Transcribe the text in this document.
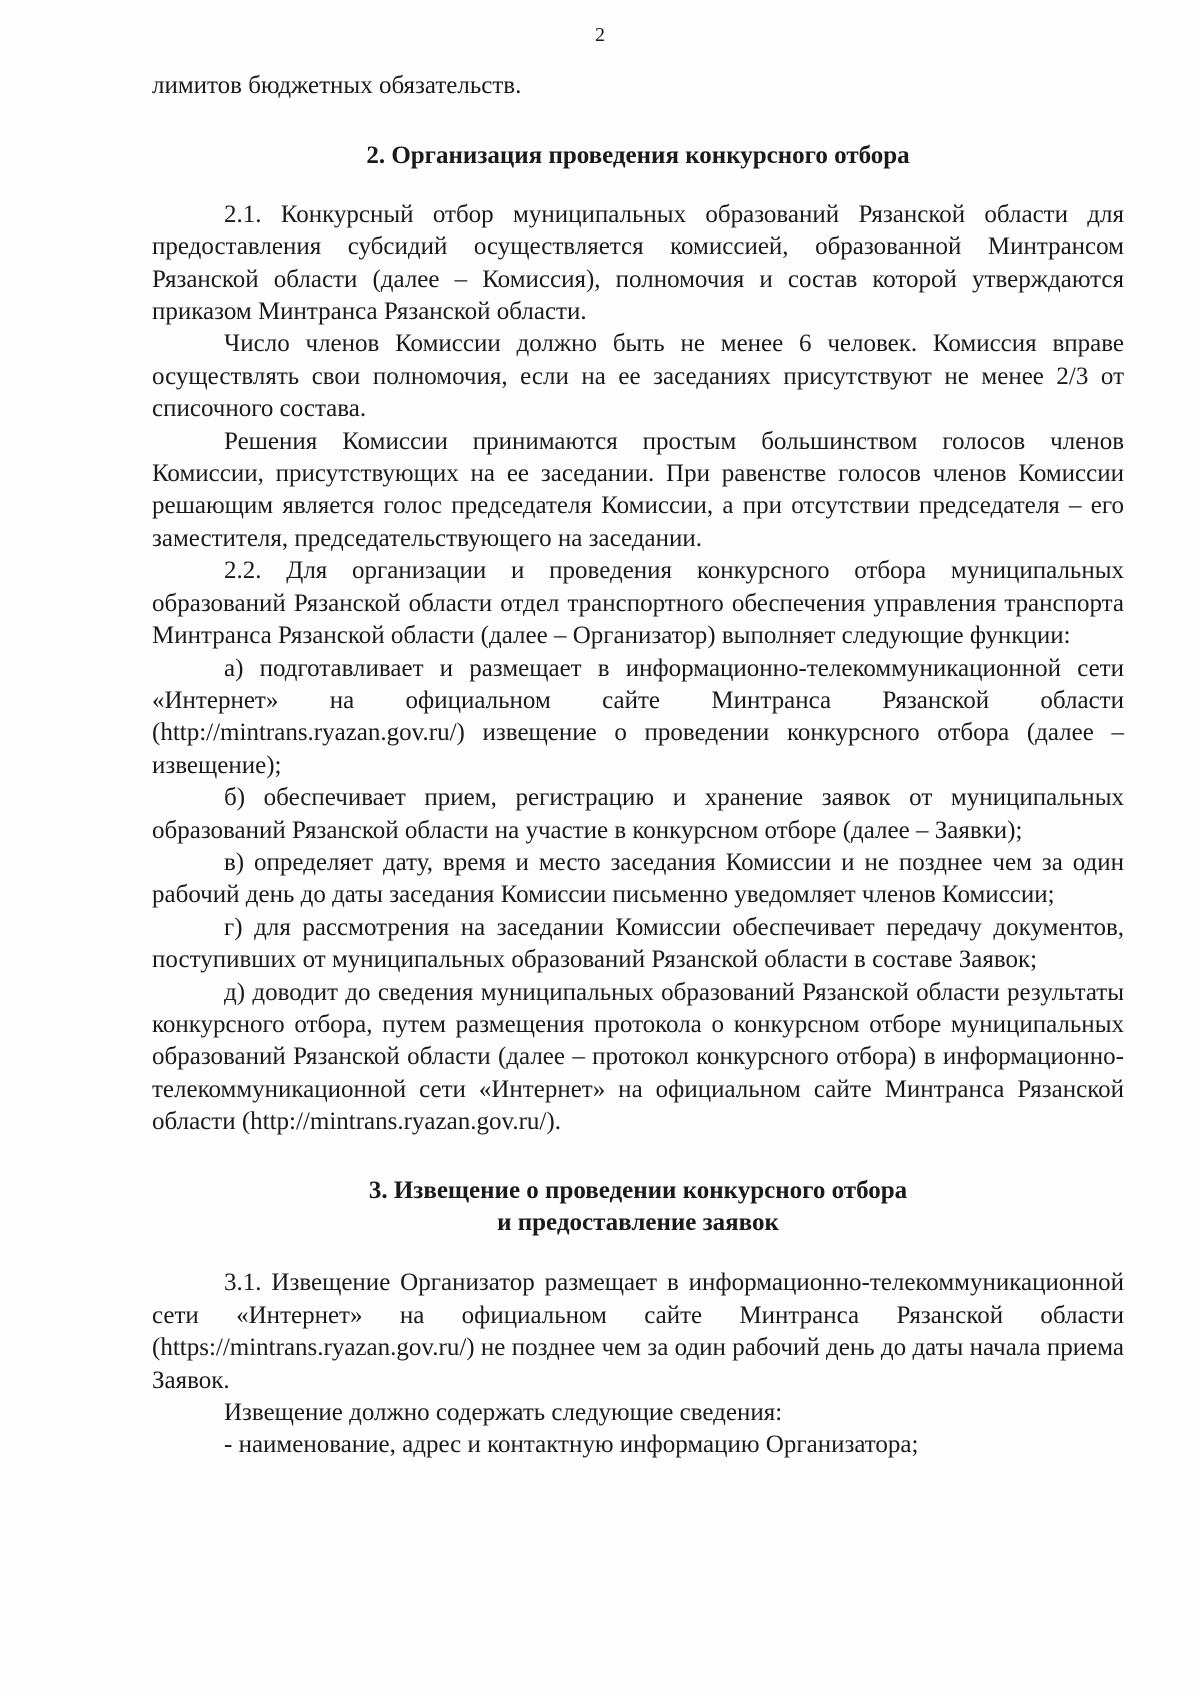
2

лимитов бюджетных обязательств.

2. Организация проведения конкурсного отбора

2.1. Конкурсный отбор муниципальных образований Рязанской области для предоставления субсидий осуществляется комиссией, образованной Минтрансом Рязанской области (далее – Комиссия), полномочия и состав которой утверждаются приказом Минтранса Рязанской области.

Число членов Комиссии должно быть не менее 6 человек. Комиссия вправе осуществлять свои полномочия, если на ее заседаниях присутствуют не менее 2/3 от списочного состава.

Решения Комиссии принимаются простым большинством голосов членов Комиссии, присутствующих на ее заседании. При равенстве голосов членов Комиссии решающим является голос председателя Комиссии, а при отсутствии председателя – его заместителя, председательствующего на заседании.

2.2. Для организации и проведения конкурсного отбора муниципальных образований Рязанской области отдел транспортного обеспечения управления транспорта Минтранса Рязанской области (далее – Организатор) выполняет следующие функции:

а) подготавливает и размещает в информационно-телекоммуникационной сети «Интернет» на официальном сайте Минтранса Рязанской области (http://mintrans.ryazan.gov.ru/) извещение о проведении конкурсного отбора (далее – извещение);

б) обеспечивает прием, регистрацию и хранение заявок от муниципальных образований Рязанской области на участие в конкурсном отборе (далее – Заявки);

в) определяет дату, время и место заседания Комиссии и не позднее чем за один рабочий день до даты заседания Комиссии письменно уведомляет членов Комиссии;

г) для рассмотрения на заседании Комиссии обеспечивает передачу документов, поступивших от муниципальных образований Рязанской области в составе Заявок;

д) доводит до сведения муниципальных образований Рязанской области результаты конкурсного отбора, путем размещения протокола о конкурсном отборе муниципальных образований Рязанской области (далее – протокол конкурсного отбора) в информационно-телекоммуникационной сети «Интернет» на официальном сайте Минтранса Рязанской области (http://mintrans.ryazan.gov.ru/).

3. Извещение о проведении конкурсного отбора
и предоставление заявок

3.1. Извещение Организатор размещает в информационно-телекоммуникационной сети «Интернет» на официальном сайте Минтранса Рязанской области (https://mintrans.ryazan.gov.ru/) не позднее чем за один рабочий день до даты начала приема Заявок.

Извещение должно содержать следующие сведения:

- наименование, адрес и контактную информацию Организатора;
